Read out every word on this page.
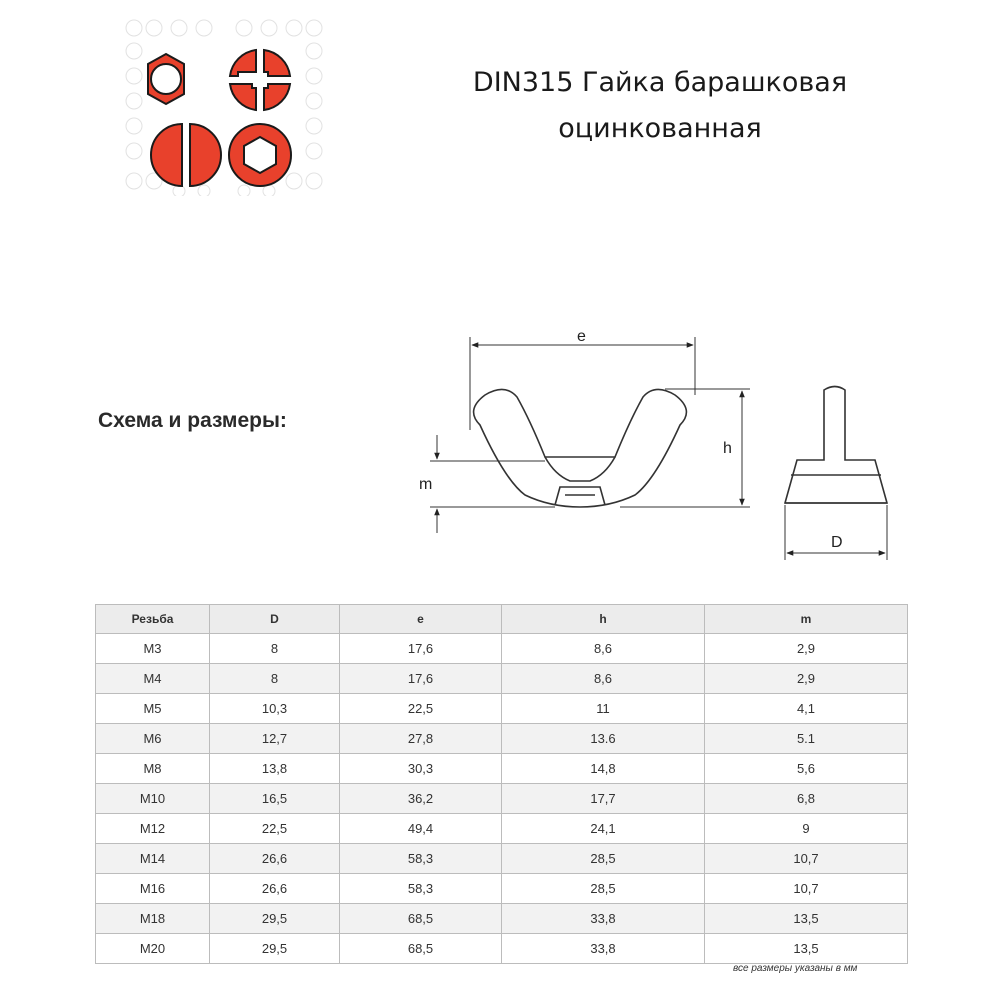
DIN315 Гайка барашковая
оцинкованная
Схема и размеры:
e
h
m
D
Резьба	D	e	h	m
M3	8	17,6	8,6	2,9
M4	8	17,6	8,6	2,9
M5	10,3	22,5	11	4,1
M6	12,7	27,8	13.6	5.1
M8	13,8	30,3	14,8	5,6
M10	16,5	36,2	17,7	6,8
M12	22,5	49,4	24,1	9
M14	26,6	58,3	28,5	10,7
M16	26,6	58,3	28,5	10,7
M18	29,5	68,5	33,8	13,5
M20	29,5	68,5	33,8	13,5
все размеры указаны в мм
